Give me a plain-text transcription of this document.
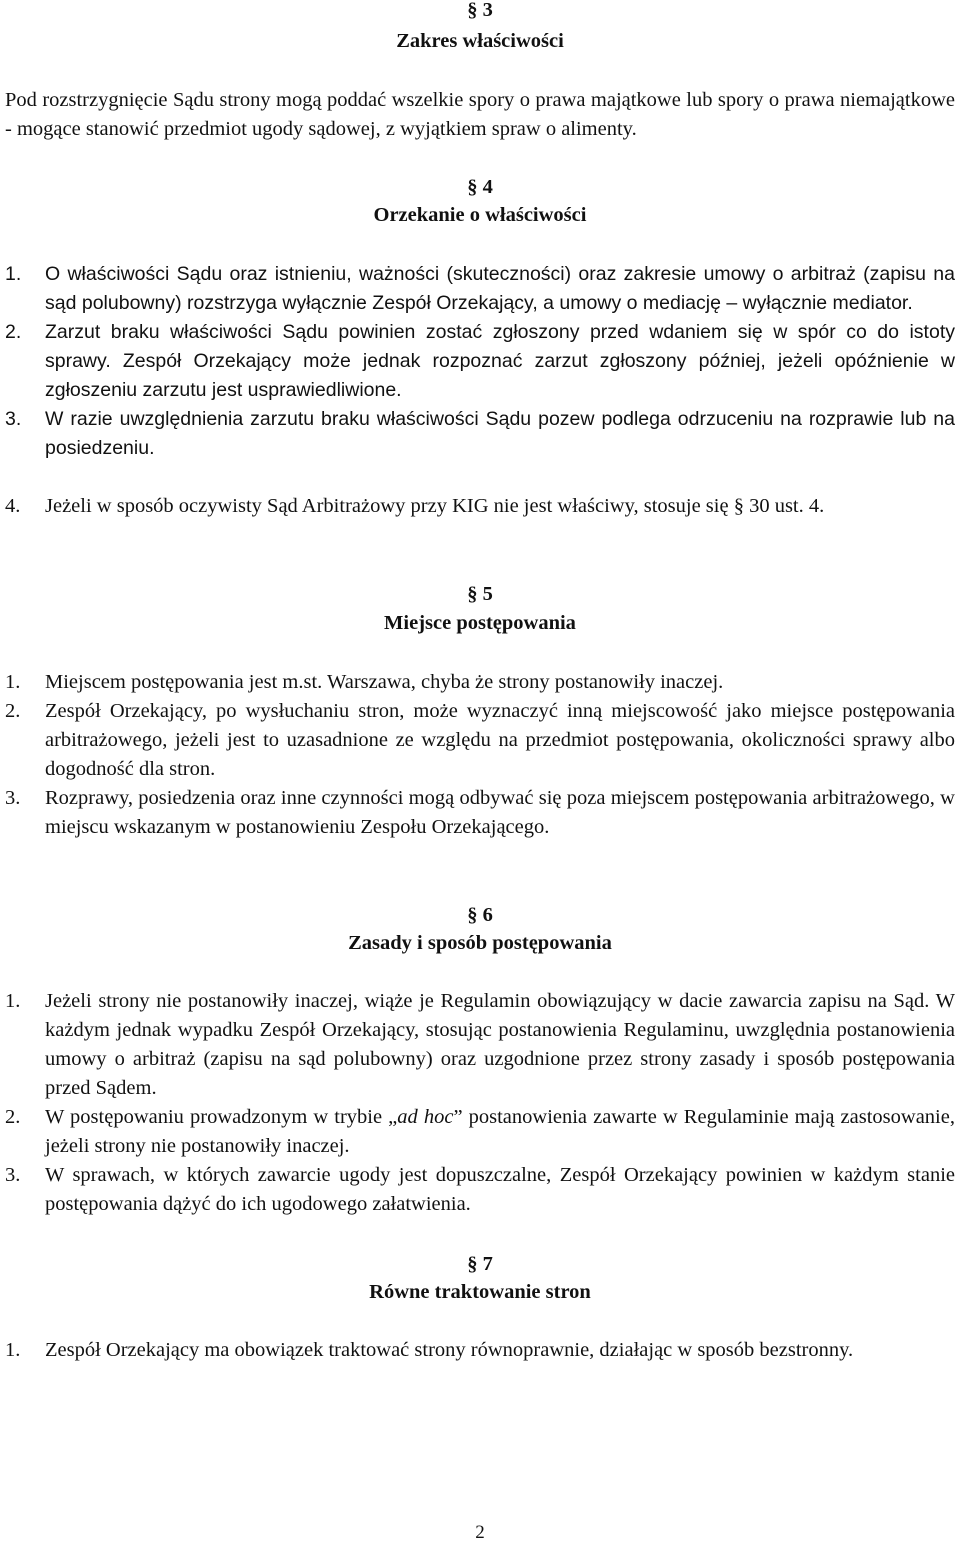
§ 3
Zakres właściwości
Pod rozstrzygnięcie Sądu strony mogą poddać wszelkie spory o prawa majątkowe lub spory o prawa niemajątkowe - mogące stanowić przedmiot ugody sądowej, z wyjątkiem spraw o alimenty.
§ 4
Orzekanie o właściwości
1. O właściwości Sądu oraz istnieniu, ważności (skuteczności) oraz zakresie umowy o arbitraż (zapisu na sąd polubowny) rozstrzyga wyłącznie Zespół Orzekający, a umowy o mediację – wyłącznie mediator.
2. Zarzut braku właściwości Sądu powinien zostać zgłoszony przed wdaniem się w spór co do istoty sprawy. Zespół Orzekający może jednak rozpoznać zarzut zgłoszony później, jeżeli opóźnienie w zgłoszeniu zarzutu jest usprawiedliwione.
3. W razie uwzględnienia zarzutu braku właściwości Sądu pozew podlega odrzuceniu na rozprawie lub na posiedzeniu.
4. Jeżeli w sposób oczywisty Sąd Arbitrażowy przy KIG nie jest właściwy, stosuje się § 30 ust. 4.
§ 5
Miejsce postępowania
1. Miejscem postępowania jest m.st. Warszawa, chyba że strony postanowiły inaczej.
2. Zespół Orzekający, po wysłuchaniu stron, może wyznaczyć inną miejscowość jako miejsce postępowania arbitrażowego, jeżeli jest to uzasadnione ze względu na przedmiot postępowania, okoliczności sprawy albo dogodność dla stron.
3. Rozprawy, posiedzenia oraz inne czynności mogą odbywać się poza miejscem postępowania arbitrażowego, w miejscu wskazanym w postanowieniu Zespołu Orzekającego.
§ 6
Zasady i sposób postępowania
1. Jeżeli strony nie postanowiły inaczej, wiąże je Regulamin obowiązujący w dacie zawarcia zapisu na Sąd. W każdym jednak wypadku Zespół Orzekający, stosując postanowienia Regulaminu, uwzględnia postanowienia umowy o arbitraż (zapisu na sąd polubowny) oraz uzgodnione przez strony zasady i sposób postępowania przed Sądem.
2. W postępowaniu prowadzonym w trybie „ad hoc” postanowienia zawarte w Regulaminie mają zastosowanie, jeżeli strony nie postanowiły inaczej.
3. W sprawach, w których zawarcie ugody jest dopuszczalne, Zespół Orzekający powinien w każdym stanie postępowania dążyć do ich ugodowego załatwienia.
§ 7
Równe traktowanie stron
1. Zespół Orzekający ma obowiązek traktować strony równoprawnie, działając w sposób bezstronny.
2
